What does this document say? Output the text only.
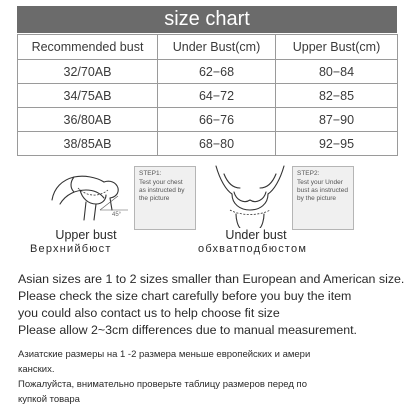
size chart
Recommended bust	Under Bust(cm)	Upper Bust(cm)
32/70AB	62−68	80−84
34/75AB	64−72	82−85
36/80AB	66−76	87−90
38/85AB	68−80	92−95
45°
STEP1:
Test your chest as instructed by the picture
STEP2:
Test your Under bust as instructed by the picture
Upper bust
Верхнийбюст
Under bust
обхватподбюстом
Asian sizes are 1 to 2 sizes smaller than European and American size.
Please check the size chart carefully before you buy the item
you could also contact us to help choose fit size
Please allow 2~3cm differences due to manual measurement.
Азиатские размеры на 1 -2 размера меньше европейских и амери
канских.
Пожалуйста, внимательно проверьте таблицу размеров перед по
купкой товара
